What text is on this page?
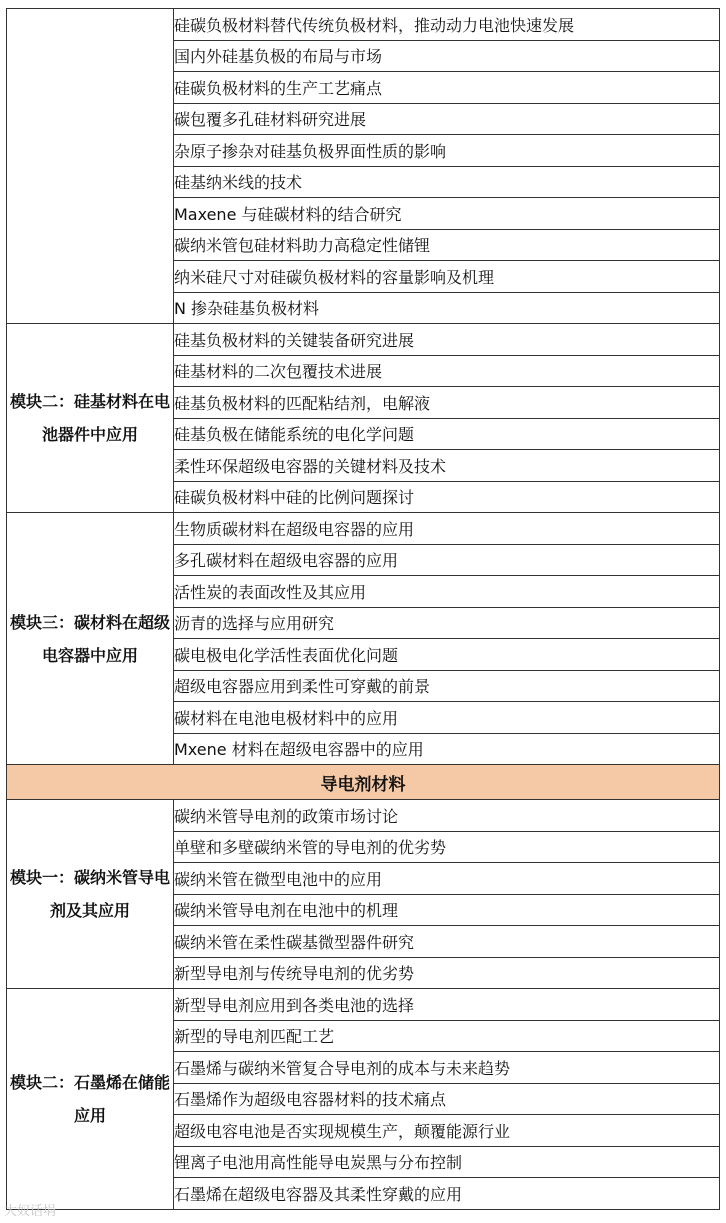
	硅碳负极材料替代传统负极材料，推动动力电池快速发展
	国内外硅基负极的布局与市场
	硅碳负极材料的生产工艺痛点
	碳包覆多孔硅材料研究进展
	杂原子掺杂对硅基负极界面性质的影响
	硅基纳米线的技术
	Maxene 与硅碳材料的结合研究
	碳纳米管包硅材料助力高稳定性储锂
	纳米硅尺寸对硅碳负极材料的容量影响及机理
	N 掺杂硅基负极材料
模块二：硅基材料在电池器件中应用	硅基负极材料的关键装备研究进展
	硅基材料的二次包覆技术进展
	硅基负极材料的匹配粘结剂，电解液
	硅基负极在储能系统的电化学问题
	柔性环保超级电容器的关键材料及技术
	硅碳负极材料中硅的比例问题探讨
模块三：碳材料在超级电容器中应用	生物质碳材料在超级电容器的应用
	多孔碳材料在超级电容器的应用
	活性炭的表面改性及其应用
	沥青的选择与应用研究
	碳电极电化学活性表面优化问题
	超级电容器应用到柔性可穿戴的前景
	碳材料在电池电极材料中的应用
	Mxene 材料在超级电容器中的应用
导电剂材料	
模块一：碳纳米管导电剂及其应用	碳纳米管导电剂的政策市场讨论
	单壁和多壁碳纳米管的导电剂的优劣势
	碳纳米管在微型电池中的应用
	碳纳米管导电剂在电池中的机理
	碳纳米管在柔性碳基微型器件研究
	新型导电剂与传统导电剂的优劣势
模块二：石墨烯在储能应用	新型导电剂应用到各类电池的选择
	新型的导电剂匹配工艺
	石墨烯与碳纳米管复合导电剂的成本与未来趋势
	石墨烯作为超级电容器材料的技术痛点
	超级电容电池是否实现规模生产，颠覆能源行业
	锂离子电池用高性能导电炭黑与分布控制
	石墨烯在超级电容器及其柔性穿戴的应用
大奴话埍
